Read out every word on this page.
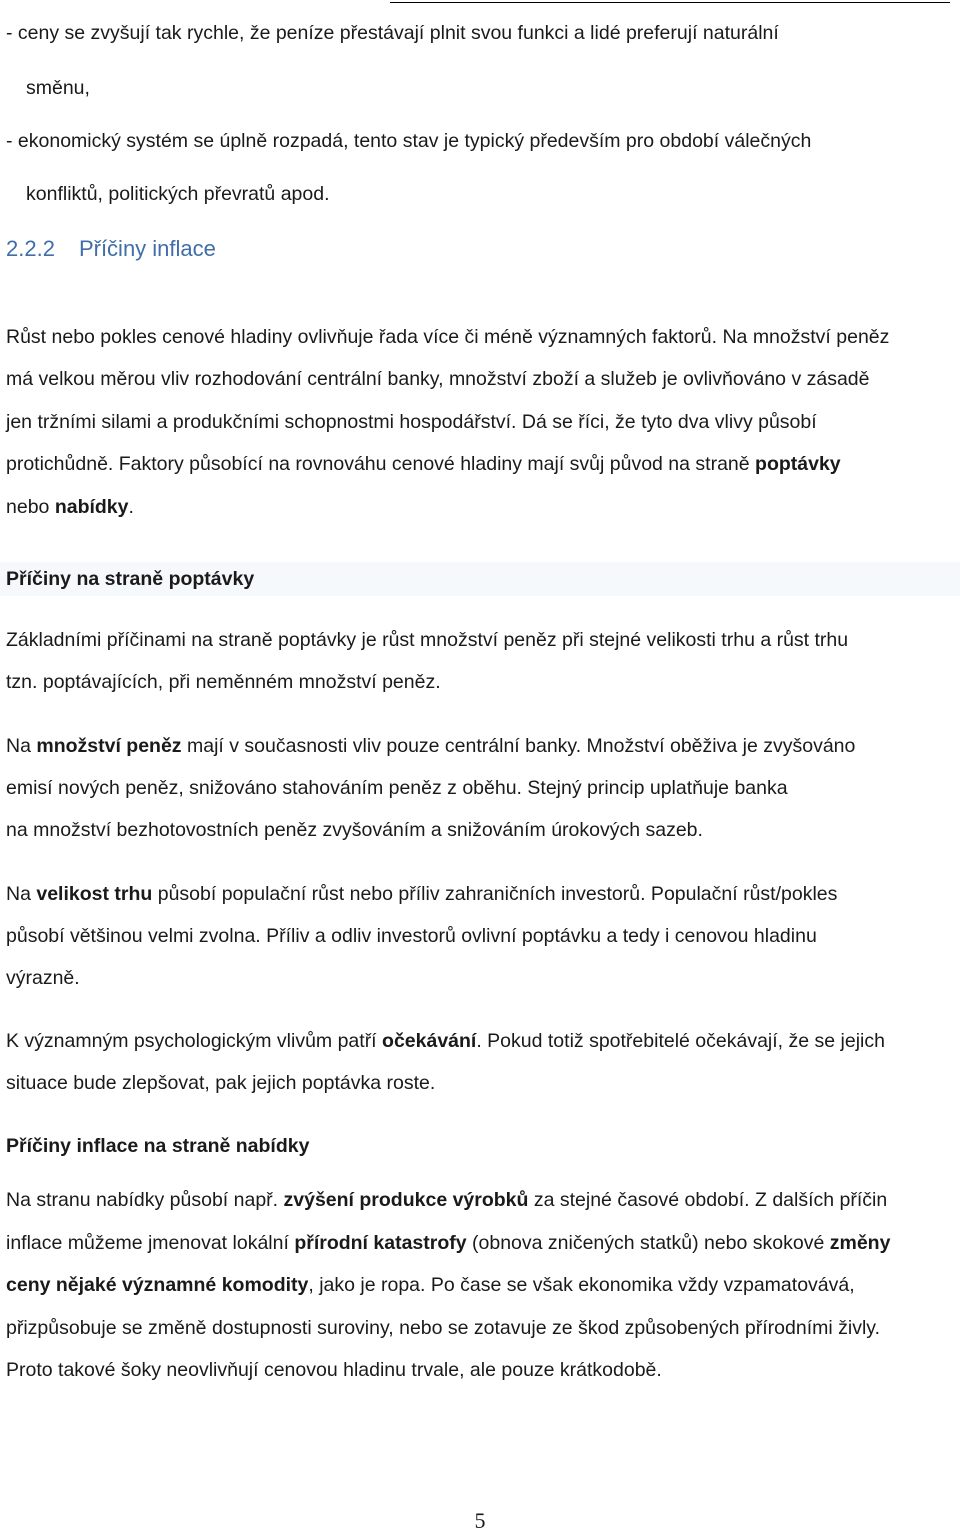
- ceny se zvyšují tak rychle, že peníze přestávají plnit svou funkci a lidé preferují naturální
směnu,
- ekonomický systém se úplně rozpadá, tento stav je typický především pro období válečných
konfliktů, politických převratů apod.
2.2.2 Příčiny inflace
Růst nebo pokles cenové hladiny ovlivňuje řada více či méně významných faktorů. Na množství peněz
má velkou měrou vliv rozhodování centrální banky, množství zboží a služeb je ovlivňováno v zásadě
jen tržními silami a produkčními schopnostmi hospodářství. Dá se říci, že tyto dva vlivy působí
protichůdně. Faktory působící na rovnováhu cenové hladiny mají svůj původ na straně poptávky
nebo nabídky.
Příčiny na straně poptávky
Základními příčinami na straně poptávky je růst množství peněz při stejné velikosti trhu a růst trhu
tzn. poptávajících, při neměnném množství peněz.
Na množství peněz mají v současnosti vliv pouze centrální banky. Množství oběživa je zvyšováno
emisí nových peněz, snižováno stahováním peněz z oběhu. Stejný princip uplatňuje banka
na množství bezhotovostních peněz zvyšováním a snižováním úrokových sazeb.
Na velikost trhu působí populační růst nebo příliv zahraničních investorů. Populační růst/pokles
působí většinou velmi zvolna. Příliv a odliv investorů ovlivní poptávku a tedy i cenovou hladinu
výrazně.
K významným psychologickým vlivům patří očekávání. Pokud totiž spotřebitelé očekávají, že se jejich
situace bude zlepšovat, pak jejich poptávka roste.
Příčiny inflace na straně nabídky
Na stranu nabídky působí např. zvýšení produkce výrobků za stejné časové období. Z dalších příčin
inflace můžeme jmenovat lokální přírodní katastrofy (obnova zničených statků) nebo skokové změny
ceny nějaké významné komodity, jako je ropa. Po čase se však ekonomika vždy vzpamatovává,
přizpůsobuje se změně dostupnosti suroviny, nebo se zotavuje ze škod způsobených přírodními živly.
Proto takové šoky neovlivňují cenovou hladinu trvale, ale pouze krátkodobě.
5
